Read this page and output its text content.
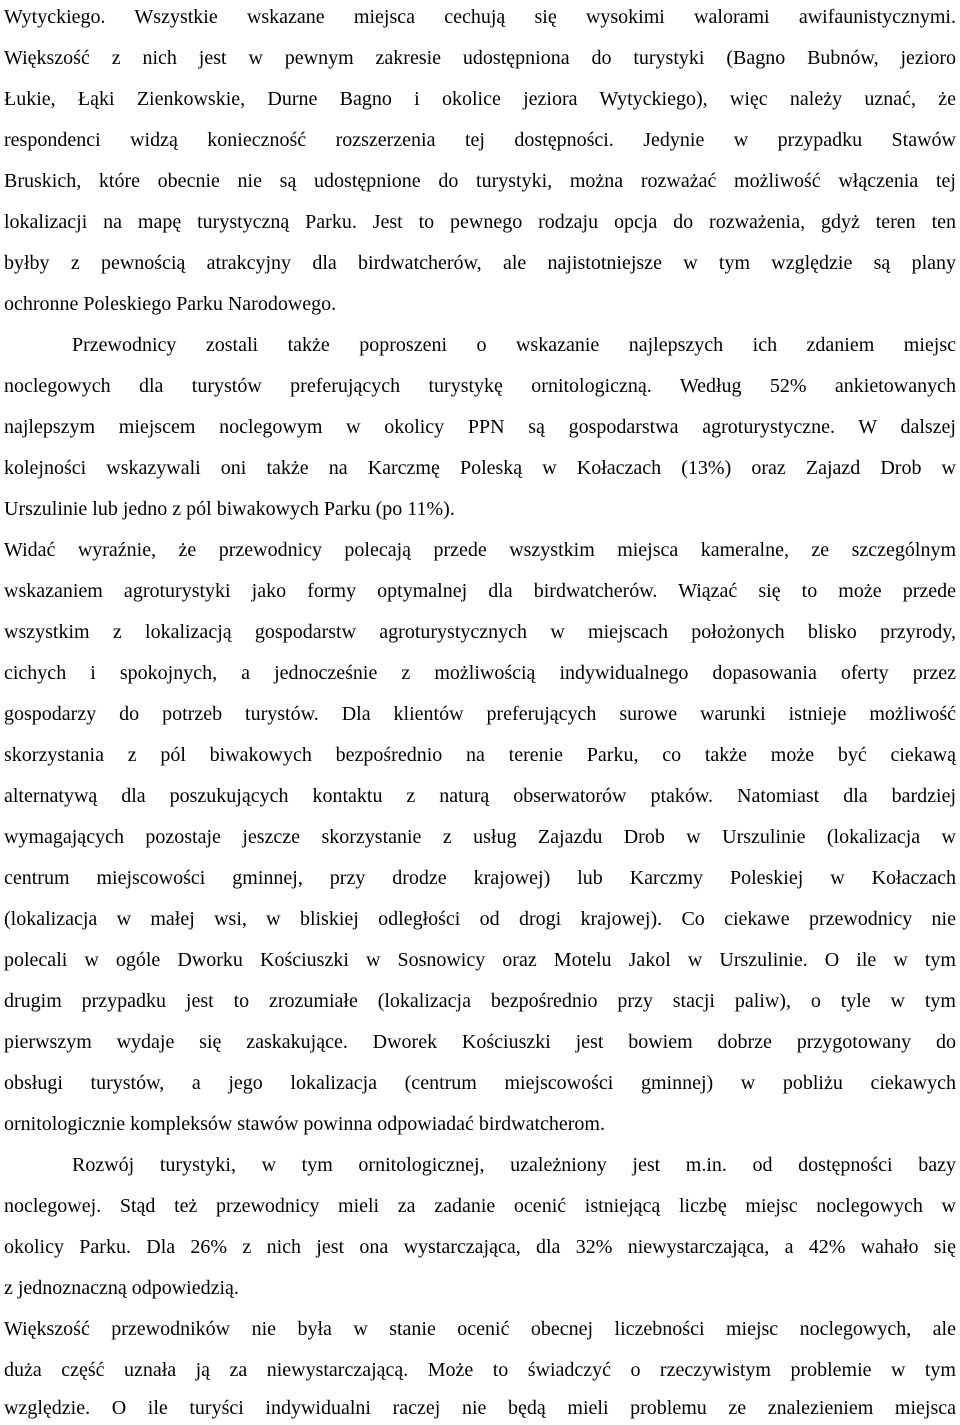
Wytyckiego. Wszystkie wskazane miejsca cechują się wysokimi walorami awifaunistycznymi.
Większość z nich jest w pewnym zakresie udostępniona do turystyki (Bagno Bubnów, jezioro
Łukie, Łąki Zienkowskie, Durne Bagno i okolice jeziora Wytyckiego), więc należy uznać, że
respondenci widzą konieczność rozszerzenia tej dostępności. Jedynie w przypadku Stawów
Bruskich, które obecnie nie są udostępnione do turystyki, można rozważać możliwość włączenia tej
lokalizacji na mapę turystyczną Parku. Jest to pewnego rodzaju opcja do rozważenia, gdyż teren ten
byłby z pewnością atrakcyjny dla birdwatcherów, ale najistotniejsze w tym względzie są plany
ochronne Poleskiego Parku Narodowego.
Przewodnicy zostali także poproszeni o wskazanie najlepszych ich zdaniem miejsc
noclegowych dla turystów preferujących turystykę ornitologiczną. Według 52% ankietowanych
najlepszym miejscem noclegowym w okolicy PPN są gospodarstwa agroturystyczne. W dalszej
kolejności wskazywali oni także na Karczmę Poleską w Kołaczach (13%) oraz Zajazd Drob w
Urszulinie lub jedno z pól biwakowych Parku (po 11%).
Widać wyraźnie, że przewodnicy polecają przede wszystkim miejsca kameralne, ze szczególnym
wskazaniem agroturystyki jako formy optymalnej dla birdwatcherów. Wiązać się to może przede
wszystkim z lokalizacją gospodarstw agroturystycznych w miejscach położonych blisko przyrody,
cichych i spokojnych, a jednocześnie z możliwością indywidualnego dopasowania oferty przez
gospodarzy do potrzeb turystów. Dla klientów preferujących surowe warunki istnieje możliwość
skorzystania z pól biwakowych bezpośrednio na terenie Parku, co także może być ciekawą
alternatywą dla poszukujących kontaktu z naturą obserwatorów ptaków. Natomiast dla bardziej
wymagających pozostaje jeszcze skorzystanie z usług Zajazdu Drob w Urszulinie (lokalizacja w
centrum miejscowości gminnej, przy drodze krajowej) lub Karczmy Poleskiej w Kołaczach
(lokalizacja w małej wsi, w bliskiej odległości od drogi krajowej). Co ciekawe przewodnicy nie
polecali w ogóle Dworku Kościuszki w Sosnowicy oraz Motelu Jakol w Urszulinie. O ile w tym
drugim przypadku jest to zrozumiałe (lokalizacja bezpośrednio przy stacji paliw), o tyle w tym
pierwszym wydaje się zaskakujące. Dworek Kościuszki jest bowiem dobrze przygotowany do
obsługi turystów, a jego lokalizacja (centrum miejscowości gminnej) w pobliżu ciekawych
ornitologicznie kompleksów stawów powinna odpowiadać birdwatcherom.
Rozwój turystyki, w tym ornitologicznej, uzależniony jest m.in. od dostępności bazy
noclegowej. Stąd też przewodnicy mieli za zadanie ocenić istniejącą liczbę miejsc noclegowych w
okolicy Parku. Dla 26% z nich jest ona wystarczająca, dla 32% niewystarczająca, a 42% wahało się
z jednoznaczną odpowiedzią.
Większość przewodników nie była w stanie ocenić obecnej liczebności miejsc noclegowych, ale
duża część uznała ją za niewystarczającą. Może to świadczyć o rzeczywistym problemie w tym
względzie. O ile turyści indywidualni raczej nie będą mieli problemu ze znalezieniem miejsca
